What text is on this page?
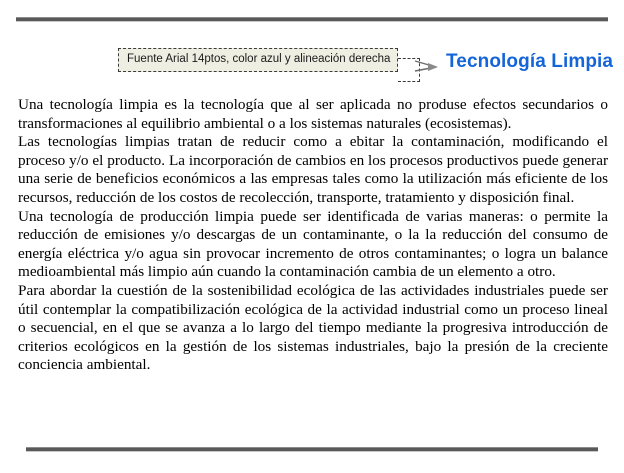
Fuente Arial 14ptos, color azul y alineación derecha	Tecnología Limpia

Una tecnología limpia es la tecnología que al ser aplicada no produse efectos secundarios o transformaciones al equilibrio ambiental o a los sistemas naturales (ecosistemas).

Las tecnologías limpias tratan de reducir como a ebitar la contaminación, modificando el proceso y/o el producto. La incorporación de cambios en los procesos productivos puede generar una serie de beneficios económicos a las empresas tales como la utilización más eficiente de los recursos, reducción de los costos de recolección, transporte, tratamiento y disposición final.

Una tecnología de producción limpia puede ser identificada de varias maneras: o permite la reducción de emisiones y/o descargas de un contaminante, o la la reducción del consumo de energía eléctrica y/o agua sin provocar incremento de otros contaminantes; o logra un balance medioambiental más limpio aún cuando la contaminación cambia de un elemento a otro.

Para abordar la cuestión de la sostenibilidad ecológica de las actividades industriales puede ser útil contemplar la compatibilización ecológica de la actividad industrial como un proceso lineal o secuencial, en el que se avanza a lo largo del tiempo mediante la progresiva introducción de criterios ecológicos en la gestión de los sistemas industriales, bajo la presión de la creciente conciencia ambiental.
